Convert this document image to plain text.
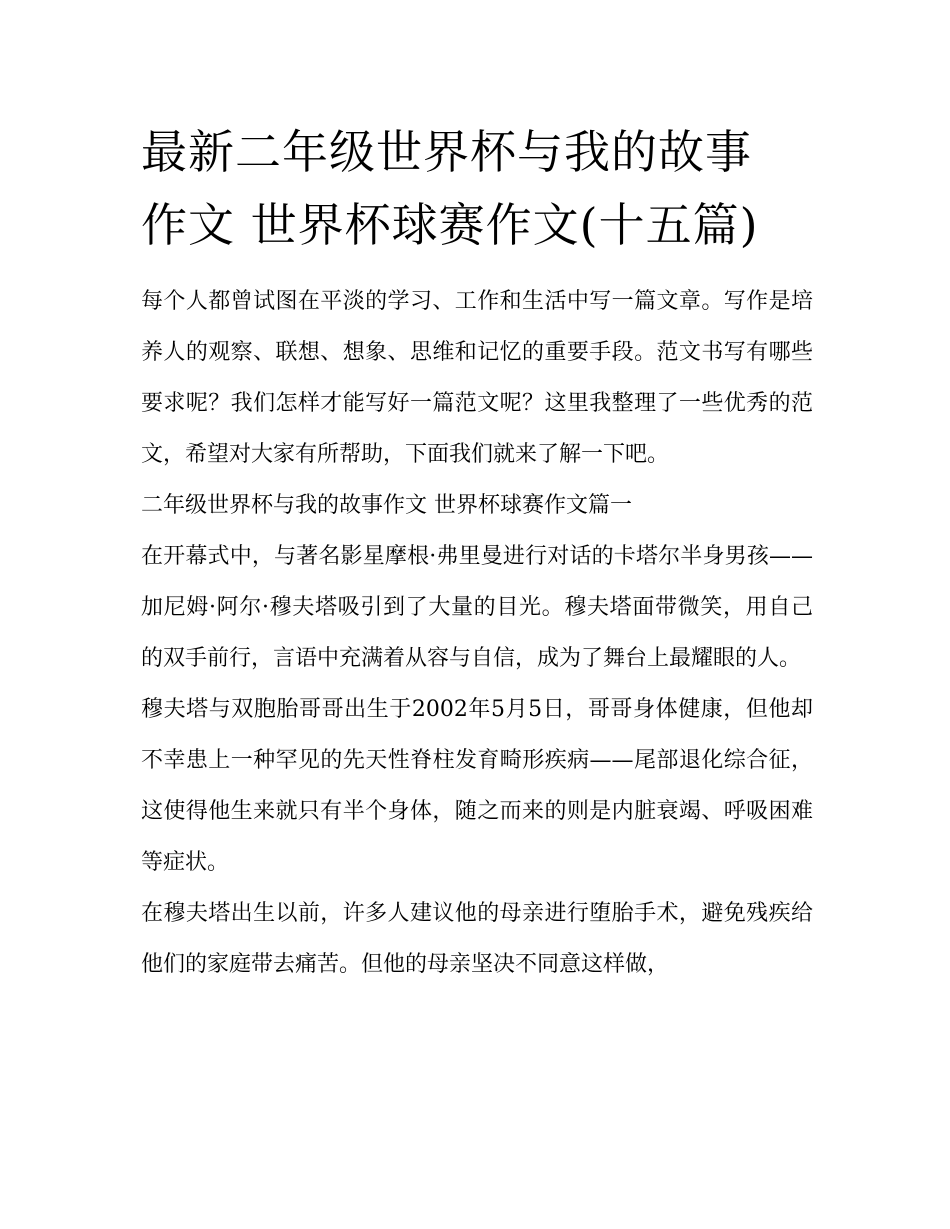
最新二年级世界杯与我的故事
作文 世界杯球赛作文(十五篇)

每个人都曾试图在平淡的学习、工作和生活中写一篇文章。写作是培养人的观察、联想、想象、思维和记忆的重要手段。范文书写有哪些要求呢？我们怎样才能写好一篇范文呢？这里我整理了一些优秀的范文，希望对大家有所帮助，下面我们就来了解一下吧。

二年级世界杯与我的故事作文 世界杯球赛作文篇一

在开幕式中，与著名影星摩根·弗里曼进行对话的卡塔尔半身男孩——加尼姆·阿尔·穆夫塔吸引到了大量的目光。穆夫塔面带微笑，用自己的双手前行，言语中充满着从容与自信，成为了舞台上最耀眼的人。

穆夫塔与双胞胎哥哥出生于2002年5月5日，哥哥身体健康，但他却不幸患上一种罕见的先天性脊柱发育畸形疾病——尾部退化综合征，这使得他生来就只有半个身体，随之而来的则是内脏衰竭、呼吸困难等症状。

在穆夫塔出生以前，许多人建议他的母亲进行堕胎手术，避免残疾给他们的家庭带去痛苦。但他的母亲坚决不同意这样做，
